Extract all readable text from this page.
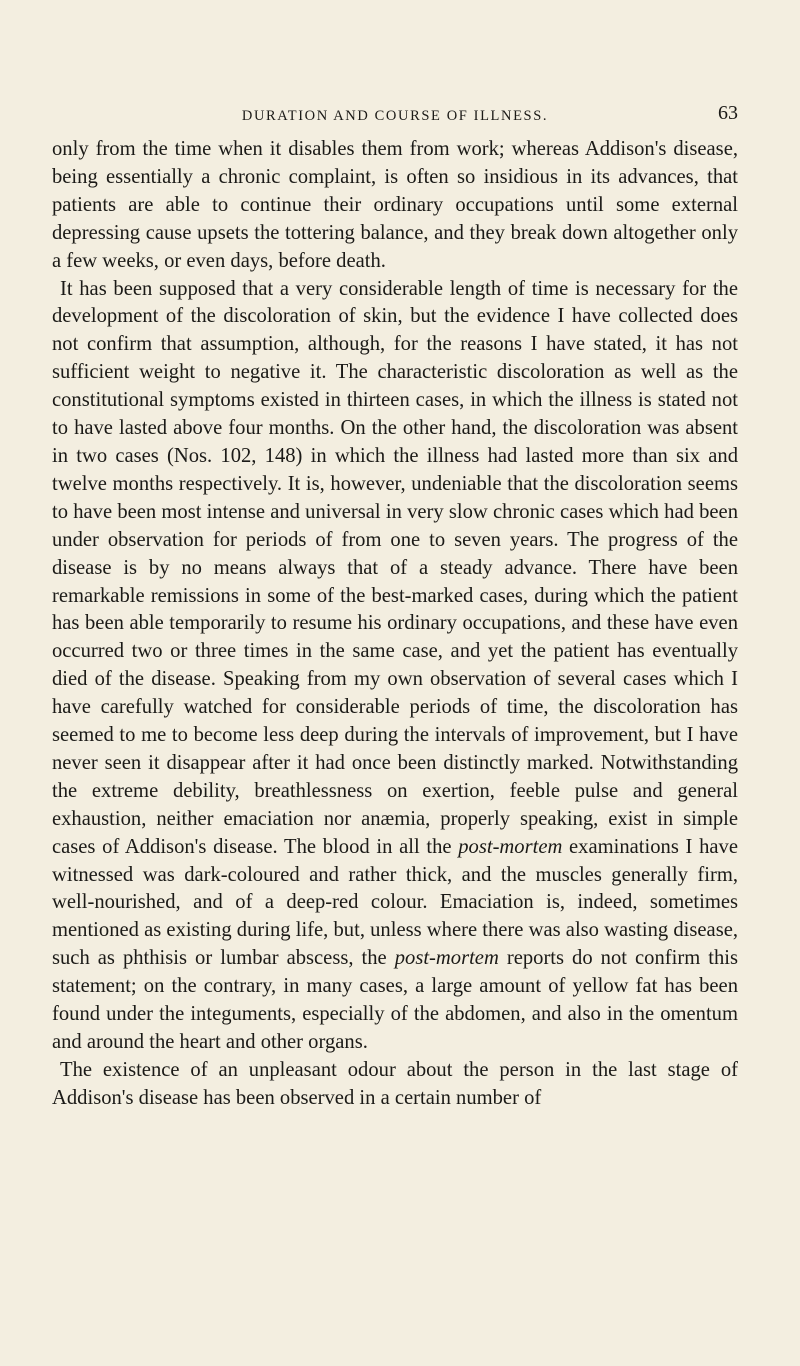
DURATION AND COURSE OF ILLNESS.	63

only from the time when it disables them from work; whereas Addison's disease, being essentially a chronic complaint, is often so insidious in its advances, that patients are able to continue their ordinary occupations until some external depressing cause upsets the tottering balance, and they break down altogether only a few weeks, or even days, before death.

It has been supposed that a very considerable length of time is necessary for the development of the discoloration of skin, but the evidence I have collected does not confirm that assumption, although, for the reasons I have stated, it has not sufficient weight to negative it. The characteristic discoloration as well as the constitutional symptoms existed in thirteen cases, in which the illness is stated not to have lasted above four months. On the other hand, the discoloration was absent in two cases (Nos. 102, 148) in which the illness had lasted more than six and twelve months respectively. It is, however, undeniable that the discoloration seems to have been most intense and universal in very slow chronic cases which had been under observation for periods of from one to seven years. The progress of the disease is by no means always that of a steady advance. There have been remarkable remissions in some of the best-marked cases, during which the patient has been able temporarily to resume his ordinary occupations, and these have even occurred two or three times in the same case, and yet the patient has eventually died of the disease. Speaking from my own observation of several cases which I have carefully watched for considerable periods of time, the discoloration has seemed to me to become less deep during the intervals of improvement, but I have never seen it disappear after it had once been distinctly marked. Notwithstanding the extreme debility, breathlessness on exertion, feeble pulse and general exhaustion, neither emaciation nor anæmia, properly speaking, exist in simple cases of Addison's disease. The blood in all the post-mortem examinations I have witnessed was dark-coloured and rather thick, and the muscles generally firm, well-nourished, and of a deep-red colour. Emaciation is, indeed, sometimes mentioned as existing during life, but, unless where there was also wasting disease, such as phthisis or lumbar abscess, the post-mortem reports do not confirm this statement; on the contrary, in many cases, a large amount of yellow fat has been found under the integuments, especially of the abdomen, and also in the omentum and around the heart and other organs.

The existence of an unpleasant odour about the person in the last stage of Addison's disease has been observed in a certain number of
